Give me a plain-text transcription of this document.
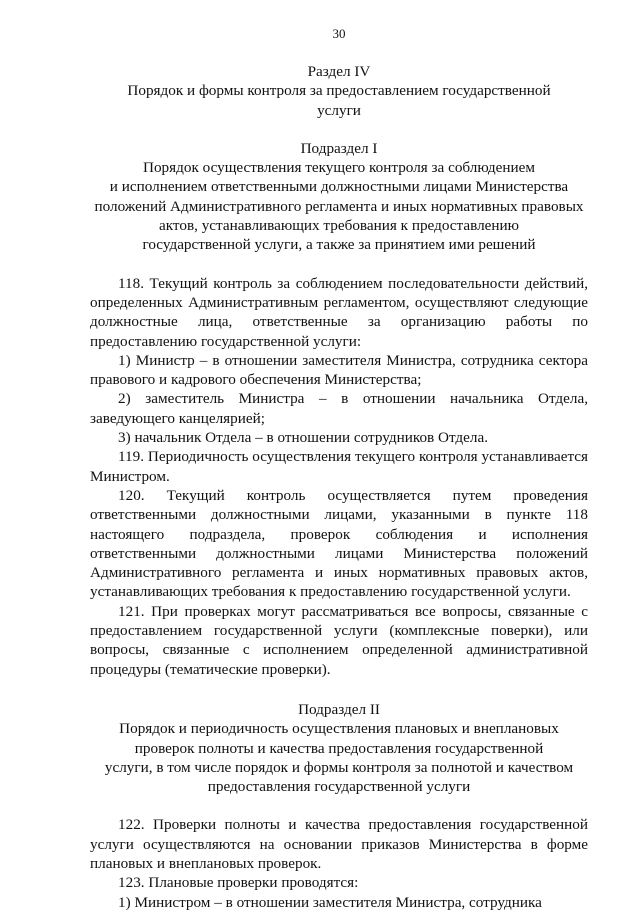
30

Раздел IV

Порядок и формы контроля за предоставлением государственной

услуги

Подраздел I

Порядок осуществления текущего контроля за соблюдением

и исполнением ответственными должностными лицами Министерства

положений Административного регламента и иных нормативных правовых

актов, устанавливающих требования к предоставлению

государственной услуги, а также за принятием ими решений

118. Текущий контроль за соблюдением последовательности действий, определенных Административным регламентом, осуществляют следующие должностные лица, ответственные за организацию работы по предоставлению государственной услуги:

1) Министр – в отношении заместителя Министра, сотрудника сектора правового и кадрового обеспечения Министерства;

2) заместитель Министра – в отношении начальника Отдела, заведующего канцелярией;

3) начальник Отдела – в отношении сотрудников Отдела.

119. Периодичность осуществления текущего контроля устанавливается Министром.

120. Текущий контроль осуществляется путем проведения ответственными должностными лицами, указанными в пункте 118 настоящего подраздела, проверок соблюдения и исполнения ответственными должностными лицами Министерства положений Административного регламента и иных нормативных правовых актов, устанавливающих требования к предоставлению государственной услуги.

121. При проверках могут рассматриваться все вопросы, связанные с предоставлением государственной услуги (комплексные поверки), или вопросы, связанные с исполнением определенной административной процедуры (тематические проверки).

Подраздел II

Порядок и периодичность осуществления плановых и внеплановых

проверок полноты и качества предоставления государственной

услуги, в том числе порядок и формы контроля за полнотой и качеством

предоставления государственной услуги

122. Проверки полноты и качества предоставления государственной услуги осуществляются на основании приказов Министерства в форме плановых и внеплановых проверок.

123. Плановые проверки проводятся:

1) Министром – в отношении заместителя Министра, сотрудника
